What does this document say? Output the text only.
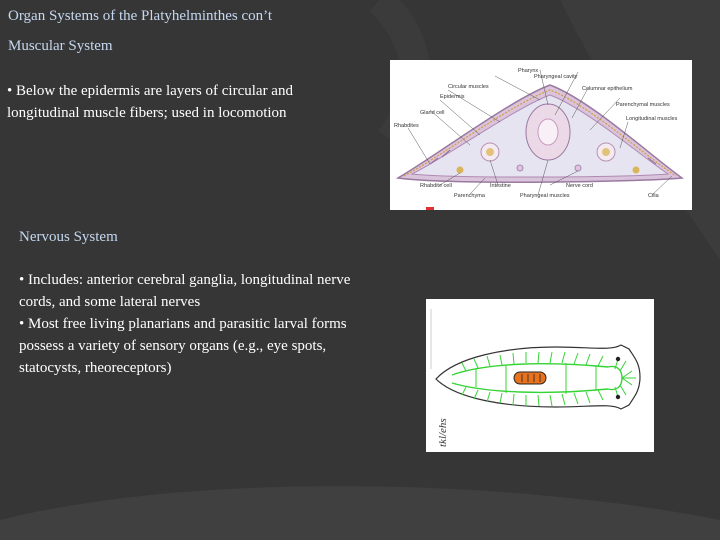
Organ Systems of the Platyhelminthes con’t
Muscular System

• Below the epidermis are layers of circular and longitudinal muscle fibers; used in locomotion

Pharynx
Pharyngeal cavity
Circular muscles	Columnar epithelium
Epidermis
Parenchymal muscles
Gland cell
Longitudinal muscles
Rhabdites
Rhabdite cell	Intestine	Nerve cord
Parenchyma	Pharyngeal muscles	Cilia
Nervous System

• Includes: anterior cerebral ganglia, longitudinal nerve cords, and some lateral nerves

• Most free living planarians and parasitic larval forms possess a variety of sensory organs (e.g., eye spots, statocysts, rheoreceptors)

tkl/ehs
